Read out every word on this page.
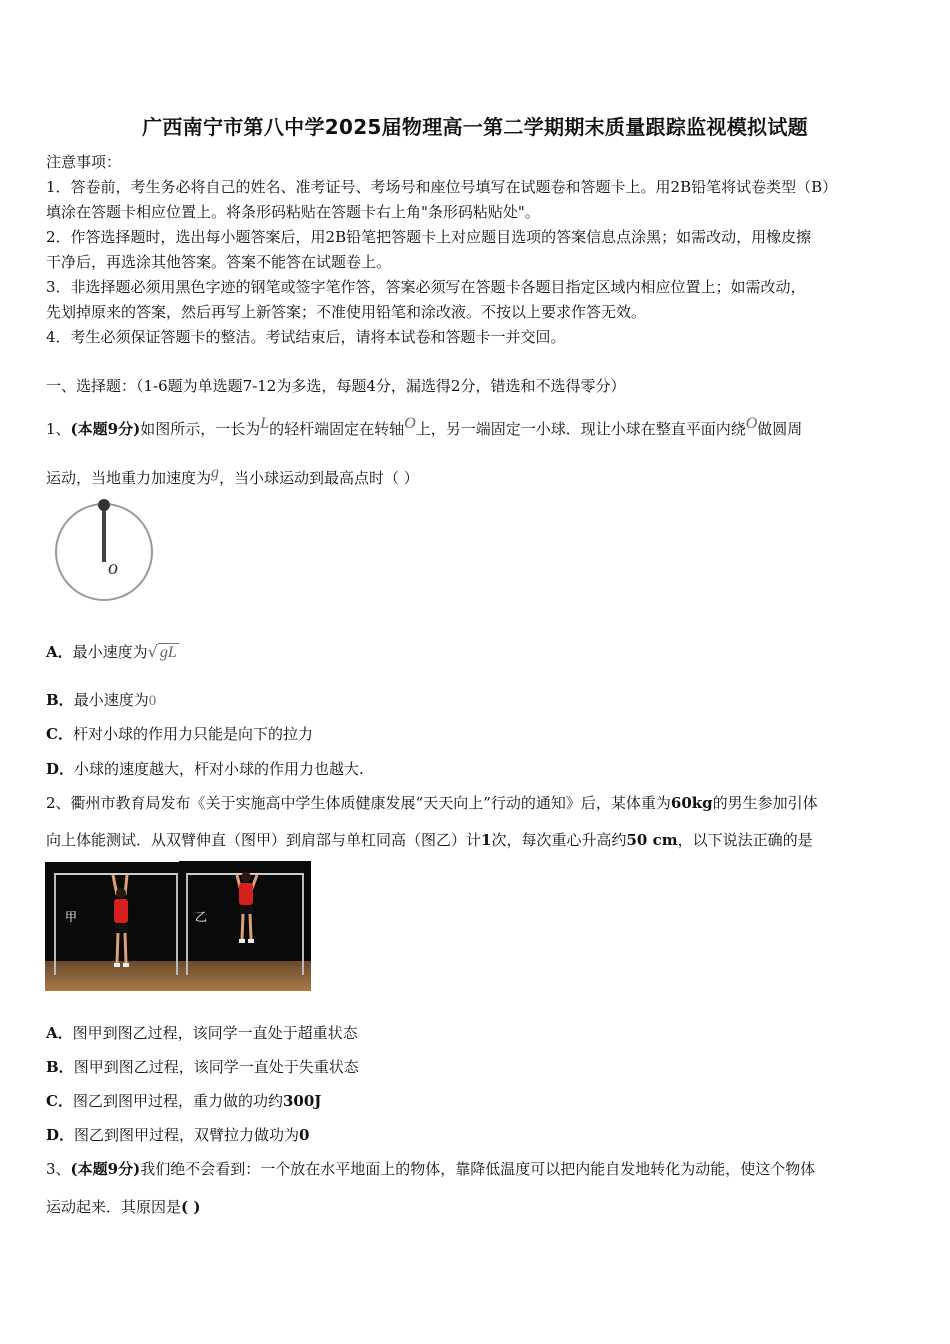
广西南宁市第八中学2025届物理高一第二学期期末质量跟踪监视模拟试题
注意事项：
1．答卷前，考生务必将自己的姓名、准考证号、考场号和座位号填写在试题卷和答题卡上。用2B铅笔将试卷类型（B）
填涂在答题卡相应位置上。将条形码粘贴在答题卡右上角"条形码粘贴处"。
2．作答选择题时，选出每小题答案后，用2B铅笔把答题卡上对应题目选项的答案信息点涂黑；如需改动，用橡皮擦
干净后，再选涂其他答案。答案不能答在试题卷上。
3．非选择题必须用黑色字迹的钢笔或签字笔作答，答案必须写在答题卡各题目指定区域内相应位置上；如需改动，
先划掉原来的答案，然后再写上新答案；不准使用铅笔和涂改液。不按以上要求作答无效。
4．考生必须保证答题卡的整洁。考试结束后，请将本试卷和答题卡一并交回。
一、选择题：（1-6题为单选题7-12为多选，每题4分，漏选得2分，错选和不选得零分）
1、(本题9分)如图所示，一长为$^L$的轻杆端固定在转轴$^O$上，另一端固定一小球．现让小球在整直平面内绕$^O$做圆周
运动，当地重力加速度为$^g$，当小球运动到最高点时（ ）
o
A．最小速度为√ gL
B．最小速度为0
C．杆对小球的作用力只能是向下的拉力
D．小球的速度越大，杆对小球的作用力也越大.
2、衢州市教育局发布《关于实施高中学生体质健康发展“天天向上”行动的通知》后，某体重为60kg的男生参加引体
向上体能测试．从双臂伸直（图甲）到肩部与单杠同高（图乙）计1次，每次重心升高约50 cm，以下说法正确的是
甲	乙
A．图甲到图乙过程，该同学一直处于超重状态
B．图甲到图乙过程，该同学一直处于失重状态
C．图乙到图甲过程，重力做的功约300J
D．图乙到图甲过程，双臂拉力做功为0
3、(本题9分)我们绝不会看到：一个放在水平地面上的物体，靠降低温度可以把内能自发地转化为动能，使这个物体
运动起来．其原因是( )
